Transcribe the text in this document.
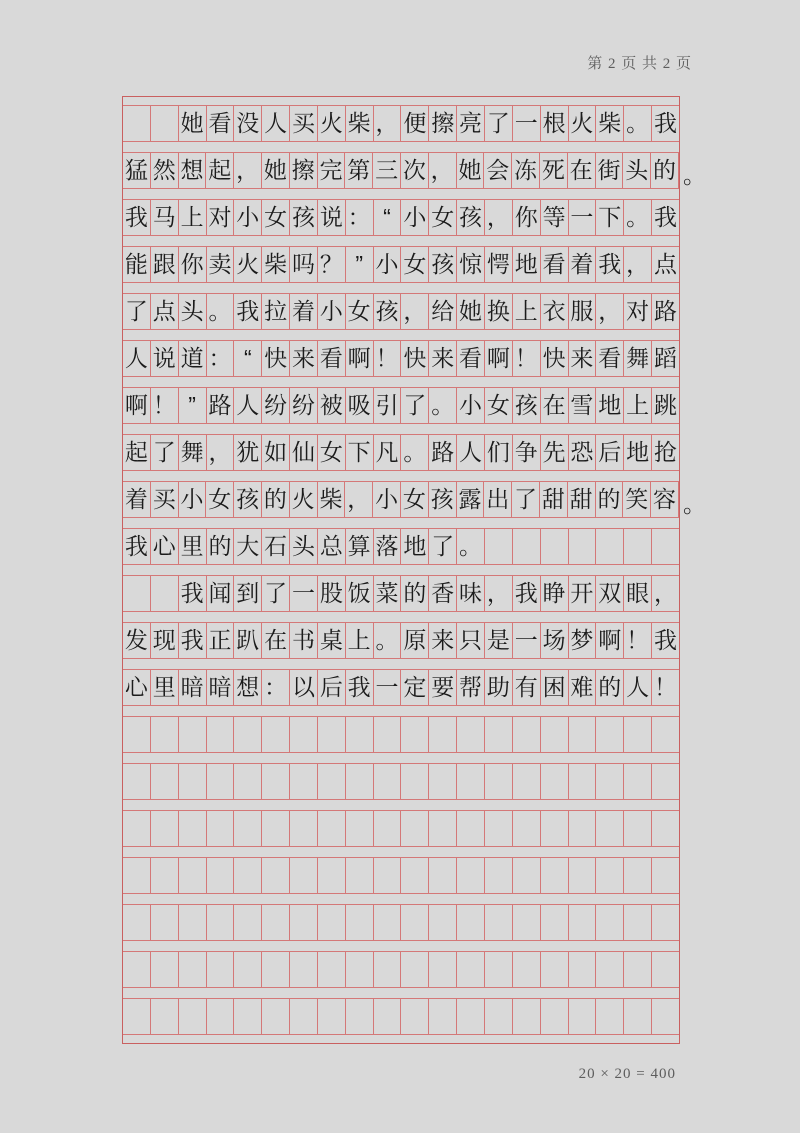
第 2 页 共 2 页
她 看 没 人 买 火 柴 ， 便 擦 亮 了 一 根 火 柴 。 我
猛 然 想 起 ， 她 擦 完 第 三 次 ， 她 会 冻 死 在 街 头 的 。
我 马 上 对 小 女 孩 说 ： “ 小 女 孩 ， 你 等 一 下 。 我
能 跟 你 卖 火 柴 吗 ？ ” 小 女 孩 惊 愕 地 看 着 我 ， 点
了 点 头 。 我 拉 着 小 女 孩 ， 给 她 换 上 衣 服 ， 对 路
人 说 道 ： “ 快 来 看 啊 ！ 快 来 看 啊 ！ 快 来 看 舞 蹈
啊 ！ ” 路 人 纷 纷 被 吸 引 了 。 小 女 孩 在 雪 地 上 跳
起 了 舞 ， 犹 如 仙 女 下 凡 。 路 人 们 争 先 恐 后 地 抢
着 买 小 女 孩 的 火 柴 ， 小 女 孩 露 出 了 甜 甜 的 笑 容 。
我 心 里 的 大 石 头 总 算 落 地 了 。
我 闻 到 了 一 股 饭 菜 的 香 味 ， 我 睁 开 双 眼 ，
发 现 我 正 趴 在 书 桌 上 。 原 来 只 是 一 场 梦 啊 ！ 我
心 里 暗 暗 想 ： 以 后 我 一 定 要 帮 助 有 困 难 的 人 ！
20 × 20 = 400
